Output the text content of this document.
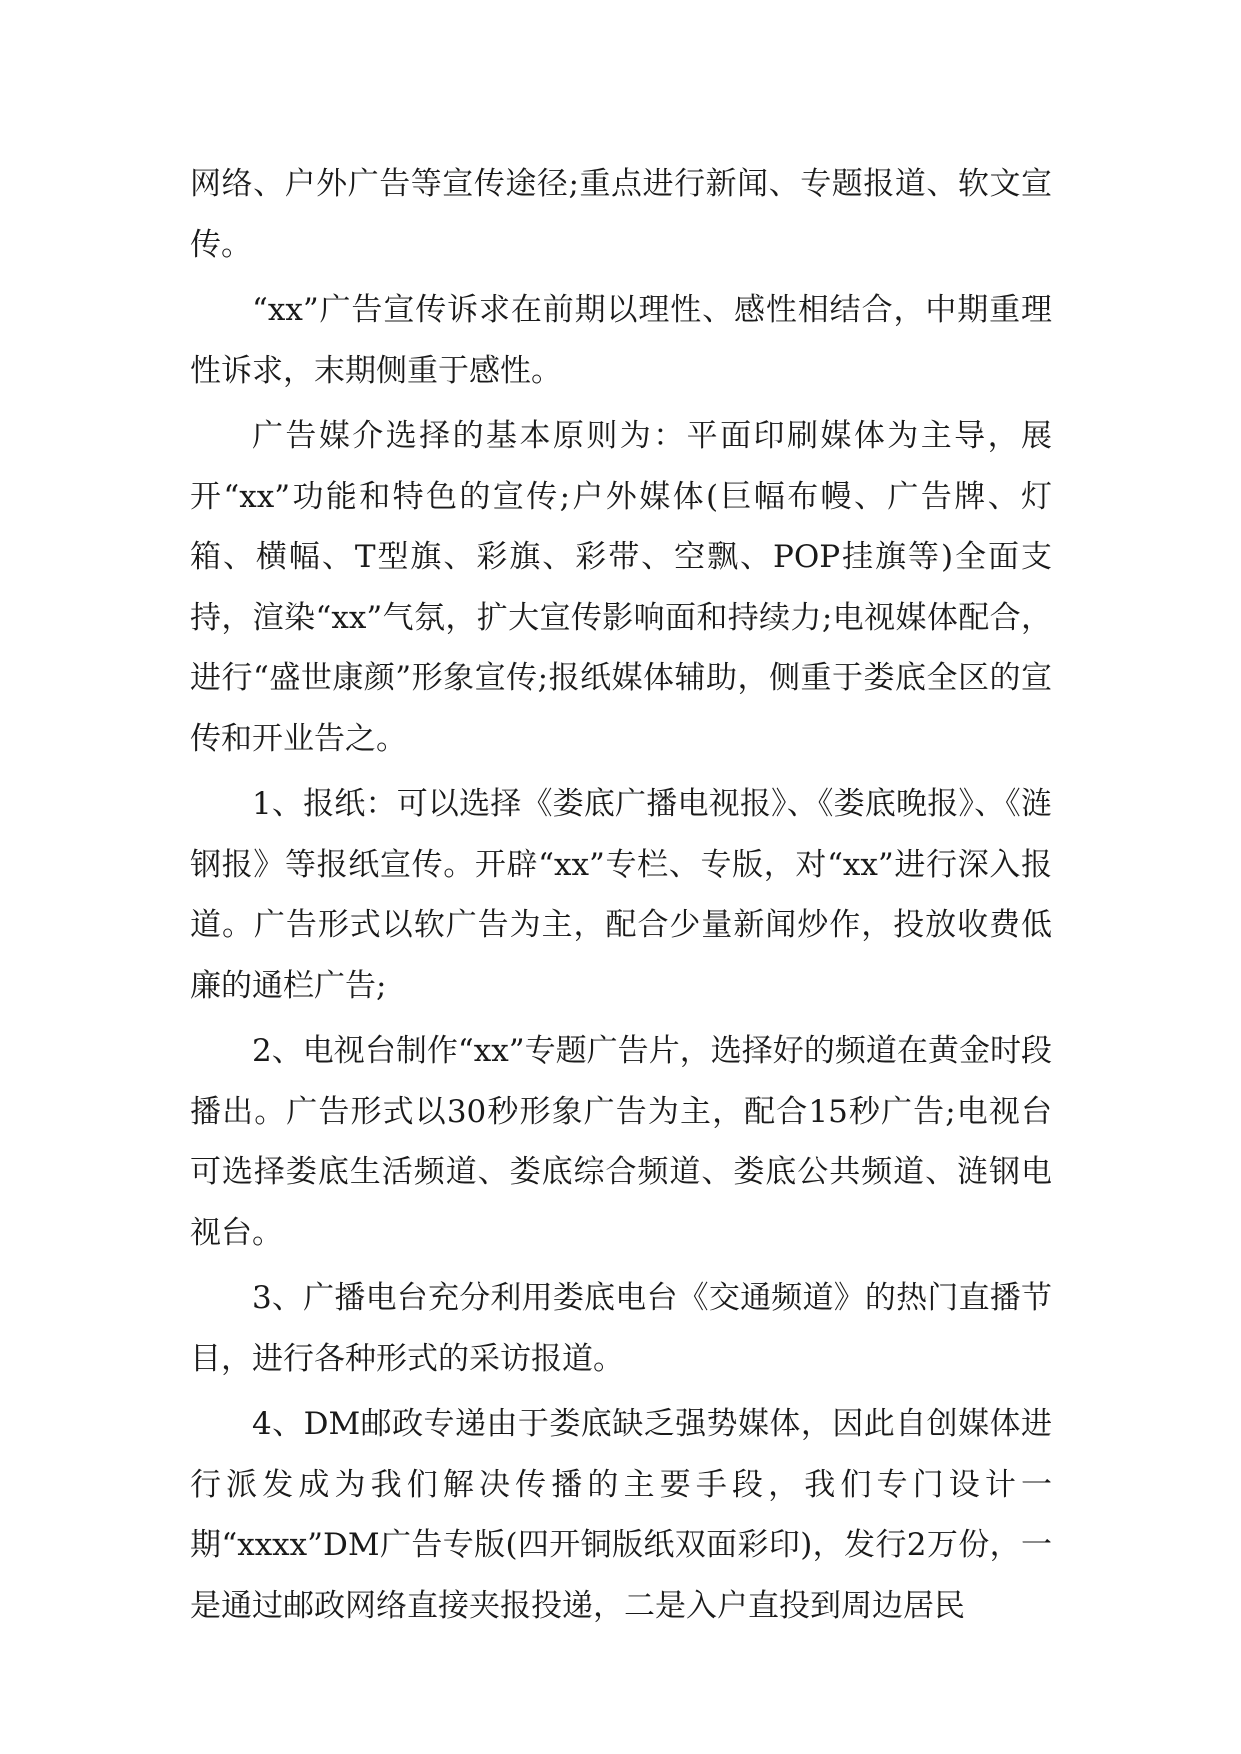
网络、户外广告等宣传途径;重点进行新闻、专题报道、软文宣传。

“xx”广告宣传诉求在前期以理性、感性相结合，中期重理性诉求，末期侧重于感性。

广告媒介选择的基本原则为：平面印刷媒体为主导，展开“xx”功能和特色的宣传;户外媒体(巨幅布幔、广告牌、灯箱、横幅、T型旗、彩旗、彩带、空飘、POP挂旗等)全面支持，渲染“xx”气氛，扩大宣传影响面和持续力;电视媒体配合，进行“盛世康颜”形象宣传;报纸媒体辅助，侧重于娄底全区的宣传和开业告之。

1、报纸：可以选择《娄底广播电视报》、《娄底晚报》、《涟钢报》等报纸宣传。开辟“xx”专栏、专版，对“xx”进行深入报道。广告形式以软广告为主，配合少量新闻炒作，投放收费低廉的通栏广告;

2、电视台制作“xx”专题广告片，选择好的频道在黄金时段播出。广告形式以30秒形象广告为主，配合15秒广告;电视台可选择娄底生活频道、娄底综合频道、娄底公共频道、涟钢电视台。

3、广播电台充分利用娄底电台《交通频道》的热门直播节目，进行各种形式的采访报道。

4、DM邮政专递由于娄底缺乏强势媒体，因此自创媒体进行派发成为我们解决传播的主要手段，我们专门设计一期“xxxx”DM广告专版(四开铜版纸双面彩印)，发行2万份，一是通过邮政网络直接夹报投递，二是入户直投到周边居民
